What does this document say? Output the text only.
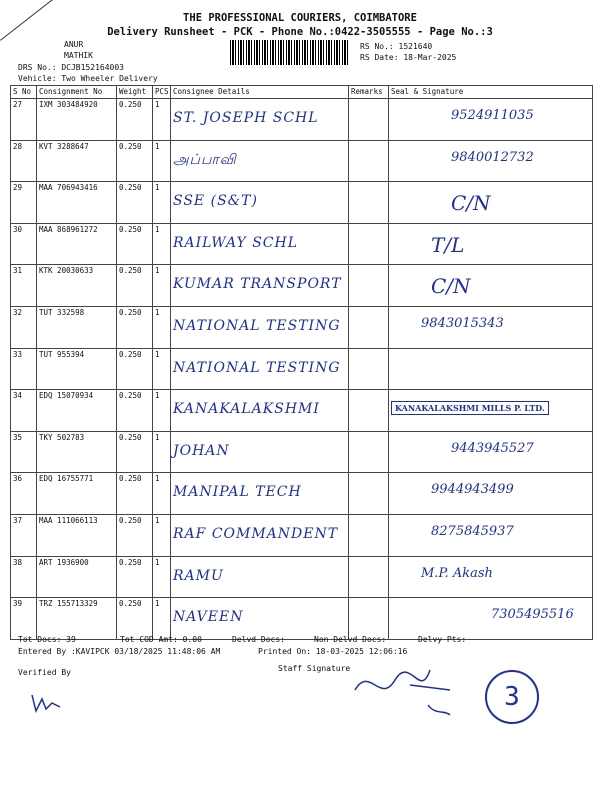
THE PROFESSIONAL COURIERS, COIMBATORE
Delivery Runsheet - PCK - Phone No.:0422-3505555 - Page No.:3
ANUR
MATHIK
DRS No.: DCJB152164003
Vehicle: Two Wheeler Delivery
RS No.: 1521640
RS Date: 18-Mar-2025
S No	Consignment No	Weight	PCS	Consignee Details	Remarks	Seal & Signature
27	IXM 303484920	0.250	1	ST. JOSEPH SCHL		9524911035

28	KVT 3288647	0.250	1	அப்பாவி		9840012732

29	MAA 706943416	0.250	1	SSE (S&T)		C/N

30	MAA 868961272	0.250	1	RAILWAY SCHL		T/L

31	KTK 20030633	0.250	1	KUMAR TRANSPORT		C/N

32	TUT 332598	0.250	1	NATIONAL TESTING		9843015343

33	TUT 955394	0.250	1	NATIONAL TESTING		

34	EDQ 15070934	0.250	1	KANAKALAKSHMI		KANAKALAKSHMI MILLS P. LTD.
35	TKY 502783	0.250	1	JOHAN		9443945527

36	EDQ 16755771	0.250	1	MANIPAL TECH		9944943499

37	MAA 111066113	0.250	1	RAF COMMANDENT		8275845937

38	ART 1936900	0.250	1	RAMU		M.P. Akash

39	TRZ 155713329	0.250	1	NAVEEN		7305495516
Tot Docs: 39	Tot COD Amt: 0.00	Delvd Docs:	Non Delvd Docs:	Delvy Pts:
Entered By :KAVIPCK 03/18/2025 11:48:06 AM	Printed On: 18-03-2025 12:06:16
Verified By	Staff Signature
3
